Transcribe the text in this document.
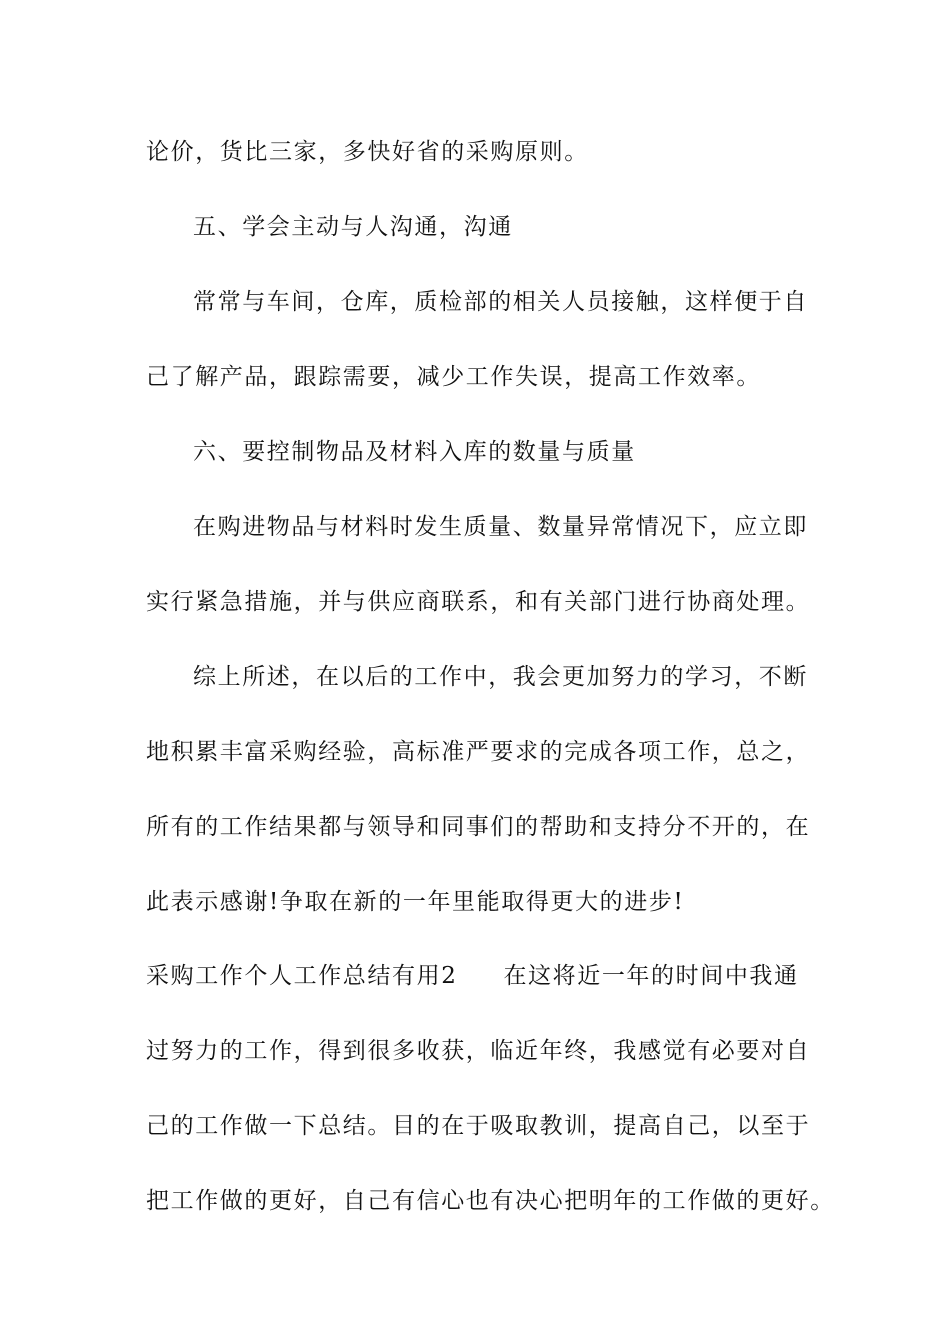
论价，货比三家，多快好省的采购原则。
五、学会主动与人沟通，沟通
常常与车间，仓库，质检部的相关人员接触，这样便于自
己了解产品，跟踪需要，减少工作失误，提高工作效率。
六、要控制物品及材料入库的数量与质量
在购进物品与材料时发生质量、数量异常情况下，应立即
实行紧急措施，并与供应商联系，和有关部门进行协商处理。
综上所述，在以后的工作中，我会更加努力的学习，不断
地积累丰富采购经验，高标准严要求的完成各项工作，总之，
所有的工作结果都与领导和同事们的帮助和支持分不开的，在
此表示感谢!争取在新的一年里能取得更大的进步!
采购工作个人工作总结有用2 在这将近一年的时间中我通
过努力的工作，得到很多收获，临近年终，我感觉有必要对自
己的工作做一下总结。目的在于吸取教训，提高自己，以至于
把工作做的更好，自己有信心也有决心把明年的工作做的更好。
